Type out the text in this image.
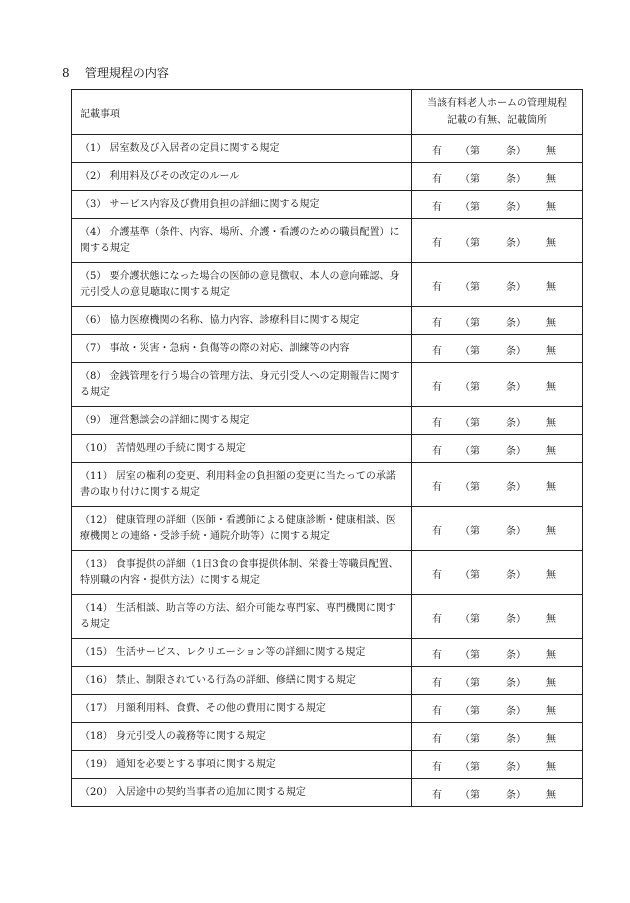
8 管理規程の内容
記載事項	当該有料老人ホームの管理規程
記載の有無、記載箇所

（1） 居室数及び入居者の定員に関する規定	有 （第 条） 無

（2） 利用料及びその改定のルール	有 （第 条） 無

（3） サービス内容及び費用負担の詳細に関する規定	有 （第 条） 無

（4） 介護基準（条件、内容、場所、介護・看護のための職員配置）に関する規定	有 （第 条） 無

（5） 要介護状態になった場合の医師の意見徴収、本人の意向確認、身元引受人の意見聴取に関する規定	有 （第 条） 無

（6） 協力医療機関の名称、協力内容、診療科目に関する規定	有 （第 条） 無

（7） 事故・災害・急病・負傷等の際の対応、訓練等の内容	有 （第 条） 無

（8） 金銭管理を行う場合の管理方法、身元引受人への定期報告に関する規定	有 （第 条） 無

（9） 運営懇談会の詳細に関する規定	有 （第 条） 無

（10） 苦情処理の手続に関する規定	有 （第 条） 無

（11） 居室の権利の変更、利用料金の負担額の変更に当たっての承諾書の取り付けに関する規定	有 （第 条） 無

（12） 健康管理の詳細（医師・看護師による健康診断・健康相談、医療機関との連絡・受診手続・通院介助等）に関する規定	有 （第 条） 無

（13） 食事提供の詳細（1日3食の食事提供体制、栄養士等職員配置、特別職の内容・提供方法）に関する規定	有 （第 条） 無

（14） 生活相談、助言等の方法、紹介可能な専門家、専門機関に関する規定	有 （第 条） 無

（15） 生活サービス、レクリエーション等の詳細に関する規定	有 （第 条） 無

（16） 禁止、制限されている行為の詳細、修繕に関する規定	有 （第 条） 無

（17） 月額利用料、食費、その他の費用に関する規定	有 （第 条） 無

（18） 身元引受人の義務等に関する規定	有 （第 条） 無

（19） 通知を必要とする事項に関する規定	有 （第 条） 無

（20） 入居途中の契約当事者の追加に関する規定	有 （第 条） 無
